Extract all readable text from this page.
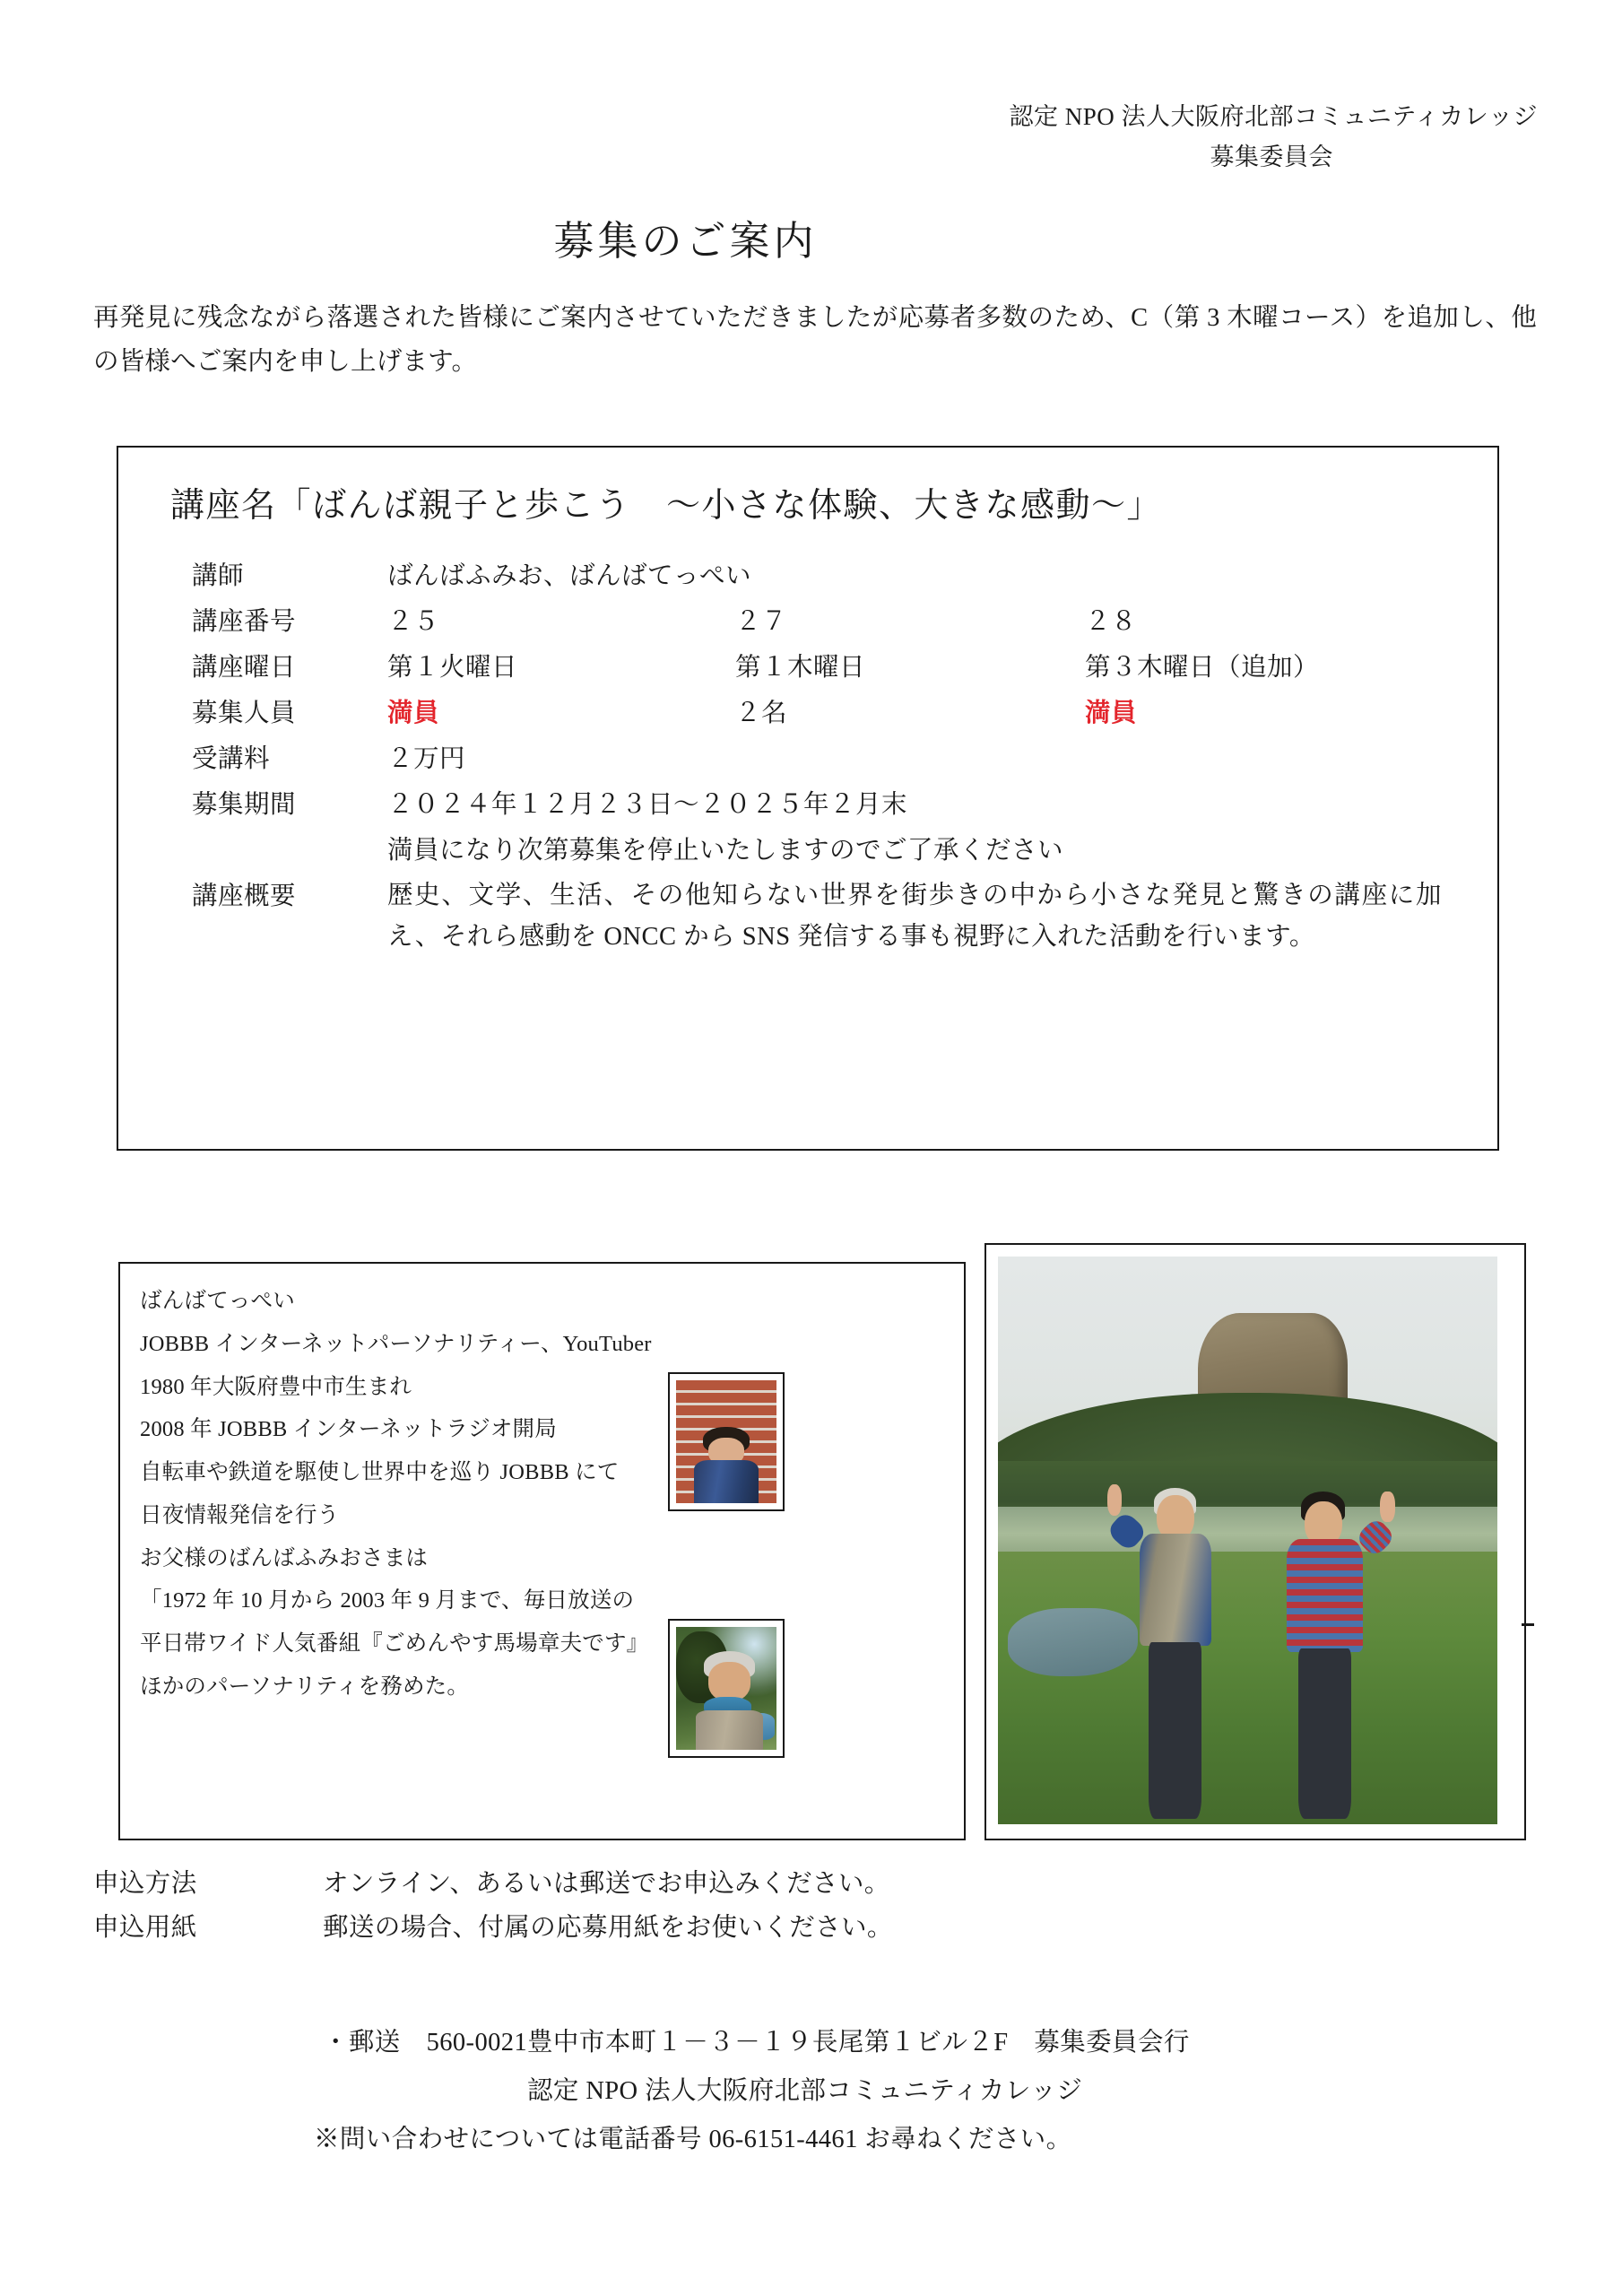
認定 NPO 法人大阪府北部コミュニティカレッジ
募集委員会
募集のご案内
再発見に残念ながら落選された皆様にご案内させていただきましたが応募者多数のため、C（第 3 木曜コース）を追加し、他の皆様へご案内を申し上げます。
講座名「ばんば親子と歩こう　〜小さな体験、大きな感動〜」
講師	ばんばふみお、ばんばてっぺい
講座番号	２５	２７	２８
講座曜日	第１火曜日	第１木曜日	第３木曜日（追加）
募集人員	満員	２名	満員
受講料	２万円
募集期間	２０２４年１２月２３日〜２０２５年２月末
満員になり次第募集を停止いたしますのでご了承ください
講座概要	歴史、文学、生活、その他知らない世界を街歩きの中から小さな発見と驚きの講座に加え、それら感動を ONCC から SNS 発信する事も視野に入れた活動を行います。
ばんばてっぺい
JOBBB インターネットパーソナリティー、YouTuber
1980 年大阪府豊中市生まれ
2008 年 JOBBB インターネットラジオ開局
自転車や鉄道を駆使し世界中を巡り JOBBB にて
日夜情報発信を行う
お父様のばんばふみおさまは
「1972 年 10 月から 2003 年 9 月まで、毎日放送の
平日帯ワイド人気番組『ごめんやす馬場章夫です』
ほかのパーソナリティを務めた。
申込方法	オンライン、あるいは郵送でお申込みください。
申込用紙	郵送の場合、付属の応募用紙をお使いください。
・郵送　560-0021 豊中市本町１－３－１９長尾第１ビル２F　募集委員会行
認定 NPO 法人大阪府北部コミュニティカレッジ
※問い合わせについては電話番号 06-6151-4461 お尋ねください。
